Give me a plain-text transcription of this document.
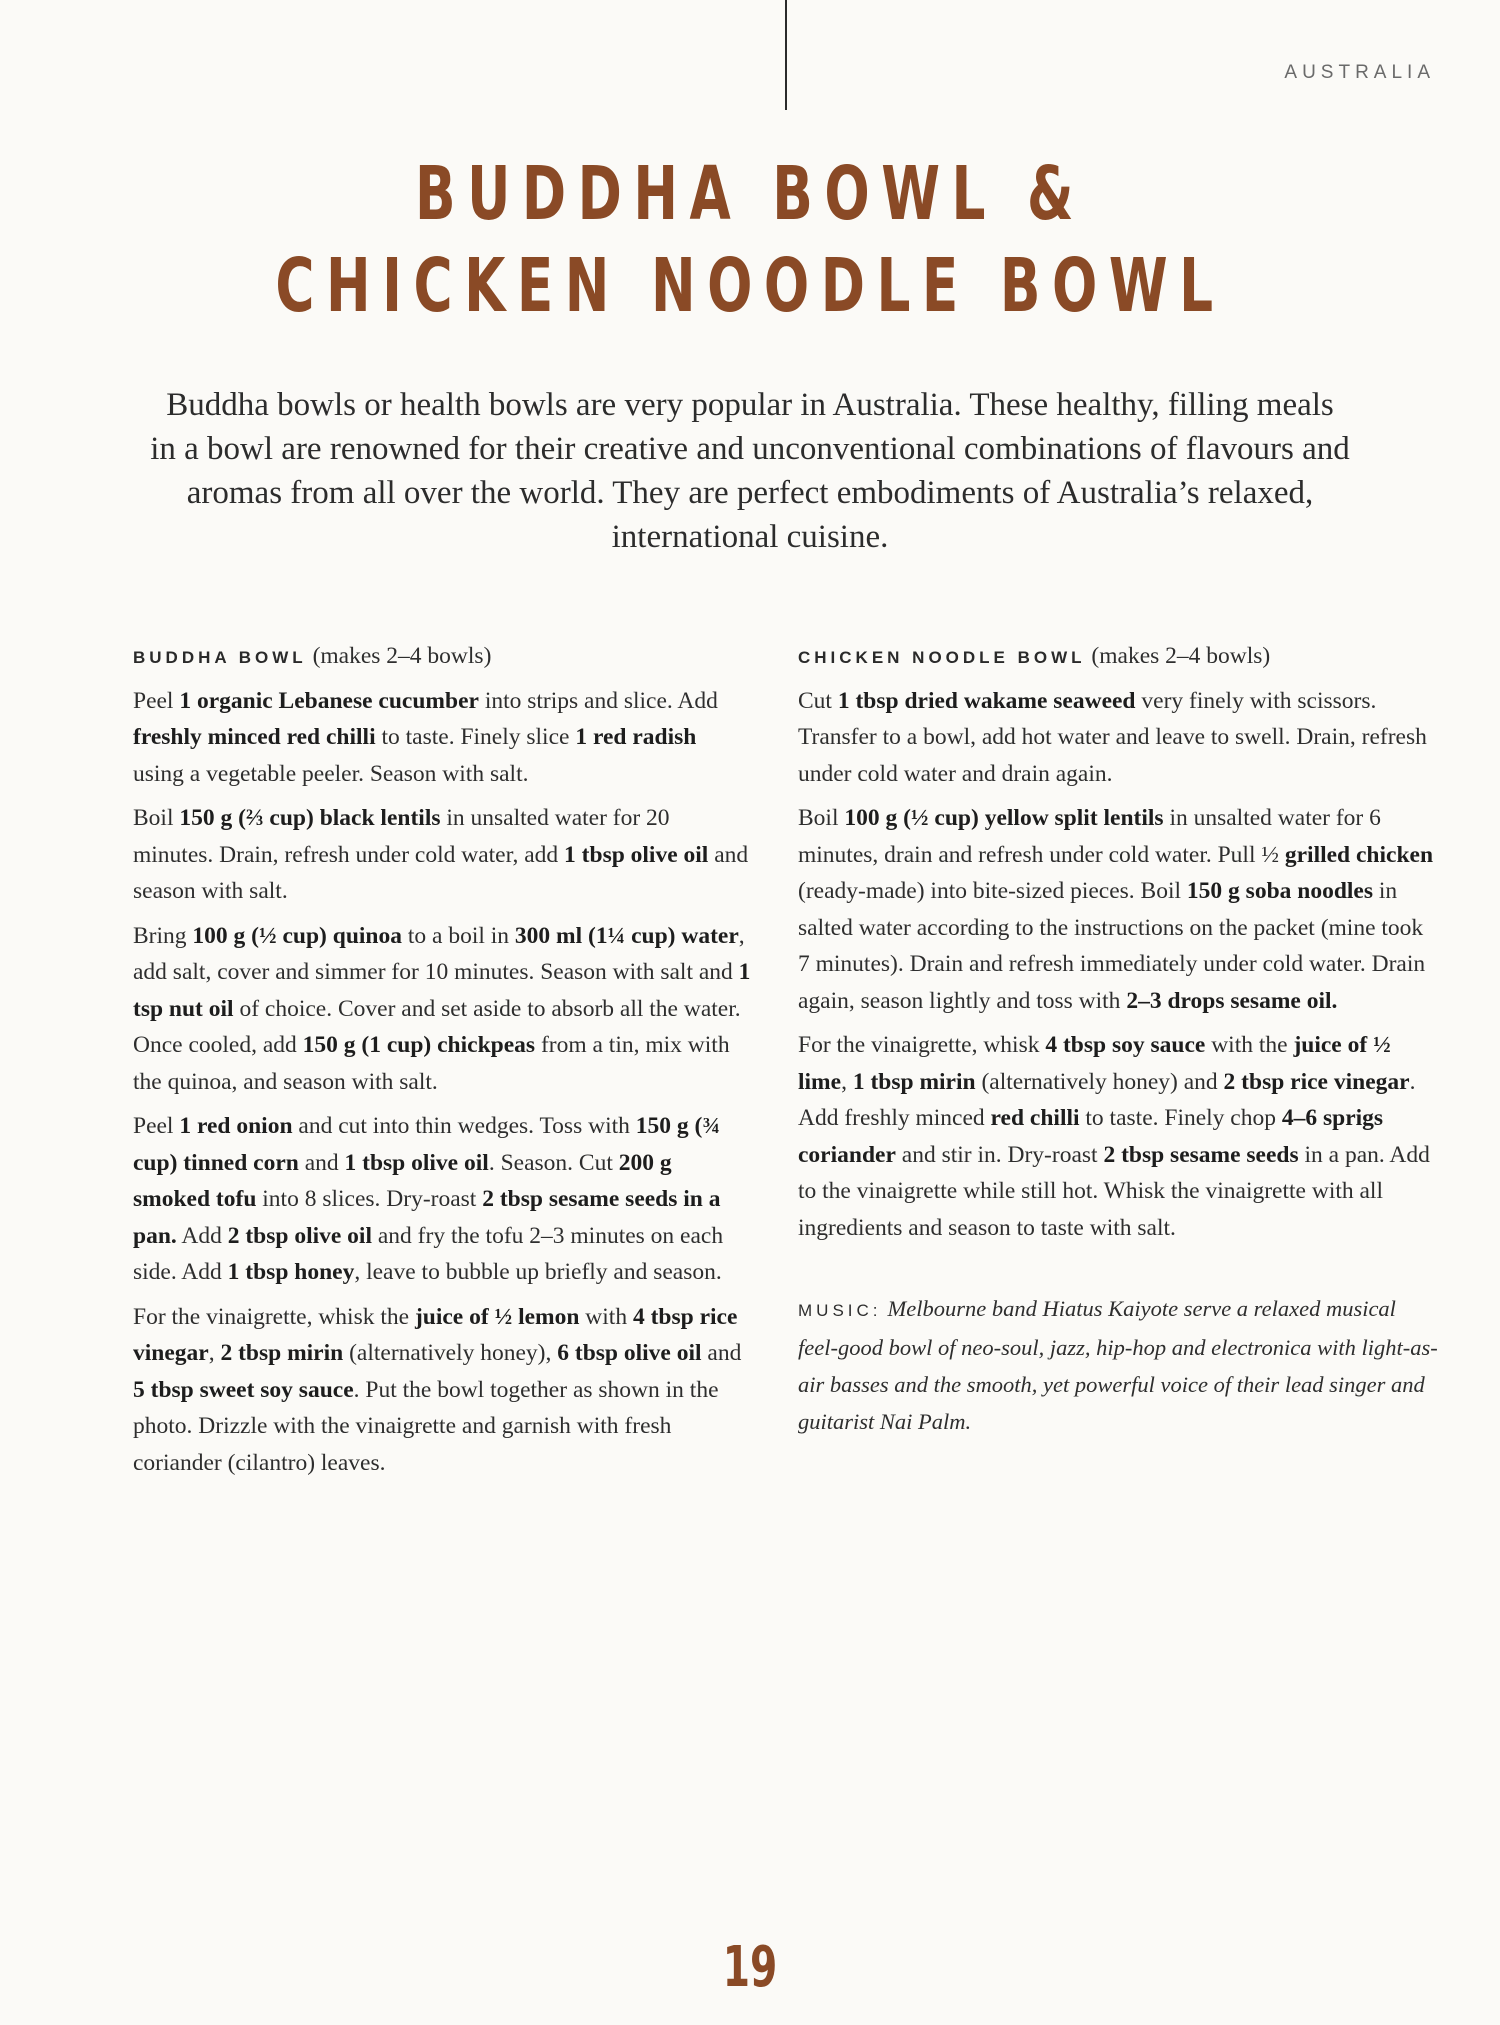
AUSTRALIA
BUDDHA BOWL &
CHICKEN NOODLE BOWL

Buddha bowls or health bowls are very popular in Australia. These healthy, filling meals in a bowl are renowned for their creative and unconventional combinations of flavours and aromas from all over the world. They are perfect embodiments of Australia’s relaxed, international cuisine.

BUDDHA BOWL (makes 2–4 bowls)

Peel 1 organic Lebanese cucumber into strips and slice. Add freshly minced red chilli to taste. Finely slice 1 red radish using a vegetable peeler. Season with salt.

Boil 150 g (⅔ cup) black lentils in unsalted water for 20 minutes. Drain, refresh under cold water, add 1 tbsp olive oil and season with salt.

Bring 100 g (½ cup) quinoa to a boil in 300 ml (1¼ cup) water, add salt, cover and simmer for 10 minutes. Season with salt and 1 tsp nut oil of choice. Cover and set aside to absorb all the water. Once cooled, add 150 g (1 cup) chickpeas from a tin, mix with the quinoa, and season with salt.

Peel 1 red onion and cut into thin wedges. Toss with 150 g (¾ cup) tinned corn and 1 tbsp olive oil. Season. Cut 200 g smoked tofu into 8 slices. Dry-roast 2 tbsp sesame seeds in a pan. Add 2 tbsp olive oil and fry the tofu 2–3 minutes on each side. Add 1 tbsp honey, leave to bubble up briefly and season.

For the vinaigrette, whisk the juice of ½ lemon with 4 tbsp rice vinegar, 2 tbsp mirin (alternatively honey), 6 tbsp olive oil and 5 tbsp sweet soy sauce. Put the bowl together as shown in the photo. Drizzle with the vinaigrette and garnish with fresh coriander (cilantro) leaves.

CHICKEN NOODLE BOWL (makes 2–4 bowls)

Cut 1 tbsp dried wakame seaweed very finely with scissors. Transfer to a bowl, add hot water and leave to swell. Drain, refresh under cold water and drain again.

Boil 100 g (½ cup) yellow split lentils in unsalted water for 6 minutes, drain and refresh under cold water. Pull ½ grilled chicken (ready-made) into bite-sized pieces. Boil 150 g soba noodles in salted water according to the instructions on the packet (mine took 7 minutes). Drain and refresh immediately under cold water. Drain again, season lightly and toss with 2–3 drops sesame oil.

For the vinaigrette, whisk 4 tbsp soy sauce with the juice of ½ lime, 1 tbsp mirin (alternatively honey) and 2 tbsp rice vinegar. Add freshly minced red chilli to taste. Finely chop 4–6 sprigs coriander and stir in. Dry-roast 2 tbsp sesame seeds in a pan. Add to the vinaigrette while still hot. Whisk the vinaigrette with all ingredients and season to taste with salt.

MUSIC: Melbourne band Hiatus Kaiyote serve a relaxed musical feel-good bowl of neo-soul, jazz, hip-hop and electronica with light-as-air basses and the smooth, yet powerful voice of their lead singer and guitarist Nai Palm.

19
